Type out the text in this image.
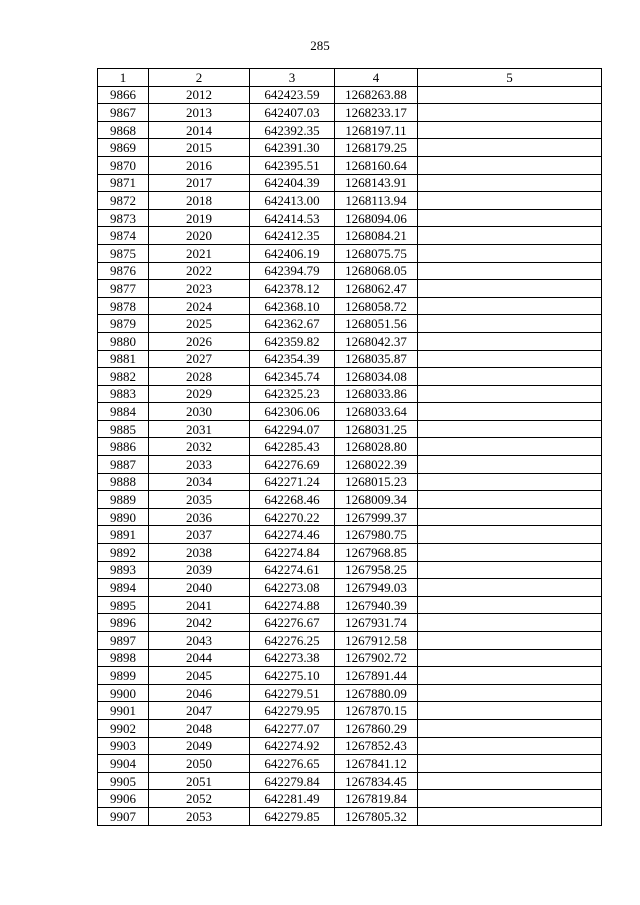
285
1	2	3	4	5
9866	2012	642423.59	1268263.88	
9867	2013	642407.03	1268233.17	
9868	2014	642392.35	1268197.11	
9869	2015	642391.30	1268179.25	
9870	2016	642395.51	1268160.64	
9871	2017	642404.39	1268143.91	
9872	2018	642413.00	1268113.94	
9873	2019	642414.53	1268094.06	
9874	2020	642412.35	1268084.21	
9875	2021	642406.19	1268075.75	
9876	2022	642394.79	1268068.05	
9877	2023	642378.12	1268062.47	
9878	2024	642368.10	1268058.72	
9879	2025	642362.67	1268051.56	
9880	2026	642359.82	1268042.37	
9881	2027	642354.39	1268035.87	
9882	2028	642345.74	1268034.08	
9883	2029	642325.23	1268033.86	
9884	2030	642306.06	1268033.64	
9885	2031	642294.07	1268031.25	
9886	2032	642285.43	1268028.80	
9887	2033	642276.69	1268022.39	
9888	2034	642271.24	1268015.23	
9889	2035	642268.46	1268009.34	
9890	2036	642270.22	1267999.37	
9891	2037	642274.46	1267980.75	
9892	2038	642274.84	1267968.85	
9893	2039	642274.61	1267958.25	
9894	2040	642273.08	1267949.03	
9895	2041	642274.88	1267940.39	
9896	2042	642276.67	1267931.74	
9897	2043	642276.25	1267912.58	
9898	2044	642273.38	1267902.72	
9899	2045	642275.10	1267891.44	
9900	2046	642279.51	1267880.09	
9901	2047	642279.95	1267870.15	
9902	2048	642277.07	1267860.29	
9903	2049	642274.92	1267852.43	
9904	2050	642276.65	1267841.12	
9905	2051	642279.84	1267834.45	
9906	2052	642281.49	1267819.84	
9907	2053	642279.85	1267805.32	
